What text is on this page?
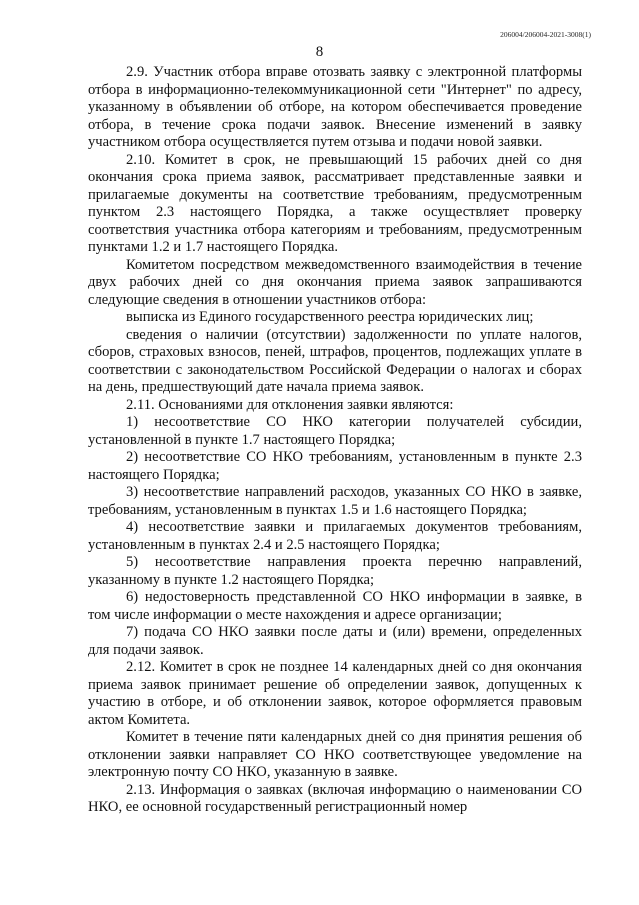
206004/206004-2021-3008(1)
8

2.9. Участник отбора вправе отозвать заявку с электронной платформы отбора в информационно-телекоммуникационной сети "Интернет" по адресу, указанному в объявлении об отборе, на котором обеспечивается проведение отбора, в течение срока подачи заявок. Внесение изменений в заявку участником отбора осуществляется путем отзыва и подачи новой заявки.

2.10. Комитет в срок, не превышающий 15 рабочих дней со дня окончания срока приема заявок, рассматривает представленные заявки и прилагаемые документы на соответствие требованиям, предусмотренным пунктом 2.3 настоящего Порядка, а также осуществляет проверку соответствия участника отбора категориям и требованиям, предусмотренным пунктами 1.2 и 1.7 настоящего Порядка.

Комитетом посредством межведомственного взаимодействия в течение двух рабочих дней со дня окончания приема заявок запрашиваются следующие сведения в отношении участников отбора:

выписка из Единого государственного реестра юридических лиц;

сведения о наличии (отсутствии) задолженности по уплате налогов, сборов, страховых взносов, пеней, штрафов, процентов, подлежащих уплате в соответствии с законодательством Российской Федерации о налогах и сборах на день, предшествующий дате начала приема заявок.

2.11. Основаниями для отклонения заявки являются:

1) несоответствие СО НКО категории получателей субсидии, установленной в пункте 1.7 настоящего Порядка;

2) несоответствие СО НКО требованиям, установленным в пункте 2.3 настоящего Порядка;

3) несоответствие направлений расходов, указанных СО НКО в заявке, требованиям, установленным в пунктах 1.5 и 1.6 настоящего Порядка;

4) несоответствие заявки и прилагаемых документов требованиям, установленным в пунктах 2.4 и 2.5 настоящего Порядка;

5) несоответствие направления проекта перечню направлений, указанному в пункте 1.2 настоящего Порядка;

6) недостоверность представленной СО НКО информации в заявке, в том числе информации о месте нахождения и адресе организации;

7) подача СО НКО заявки после даты и (или) времени, определенных для подачи заявок.

2.12. Комитет в срок не позднее 14 календарных дней со дня окончания приема заявок принимает решение об определении заявок, допущенных к участию в отборе, и об отклонении заявок, которое оформляется правовым актом Комитета.

Комитет в течение пяти календарных дней со дня принятия решения об отклонении заявки направляет СО НКО соответствующее уведомление на электронную почту СО НКО, указанную в заявке.

2.13. Информация о заявках (включая информацию о наименовании СО НКО, ее основной государственный регистрационный номер
